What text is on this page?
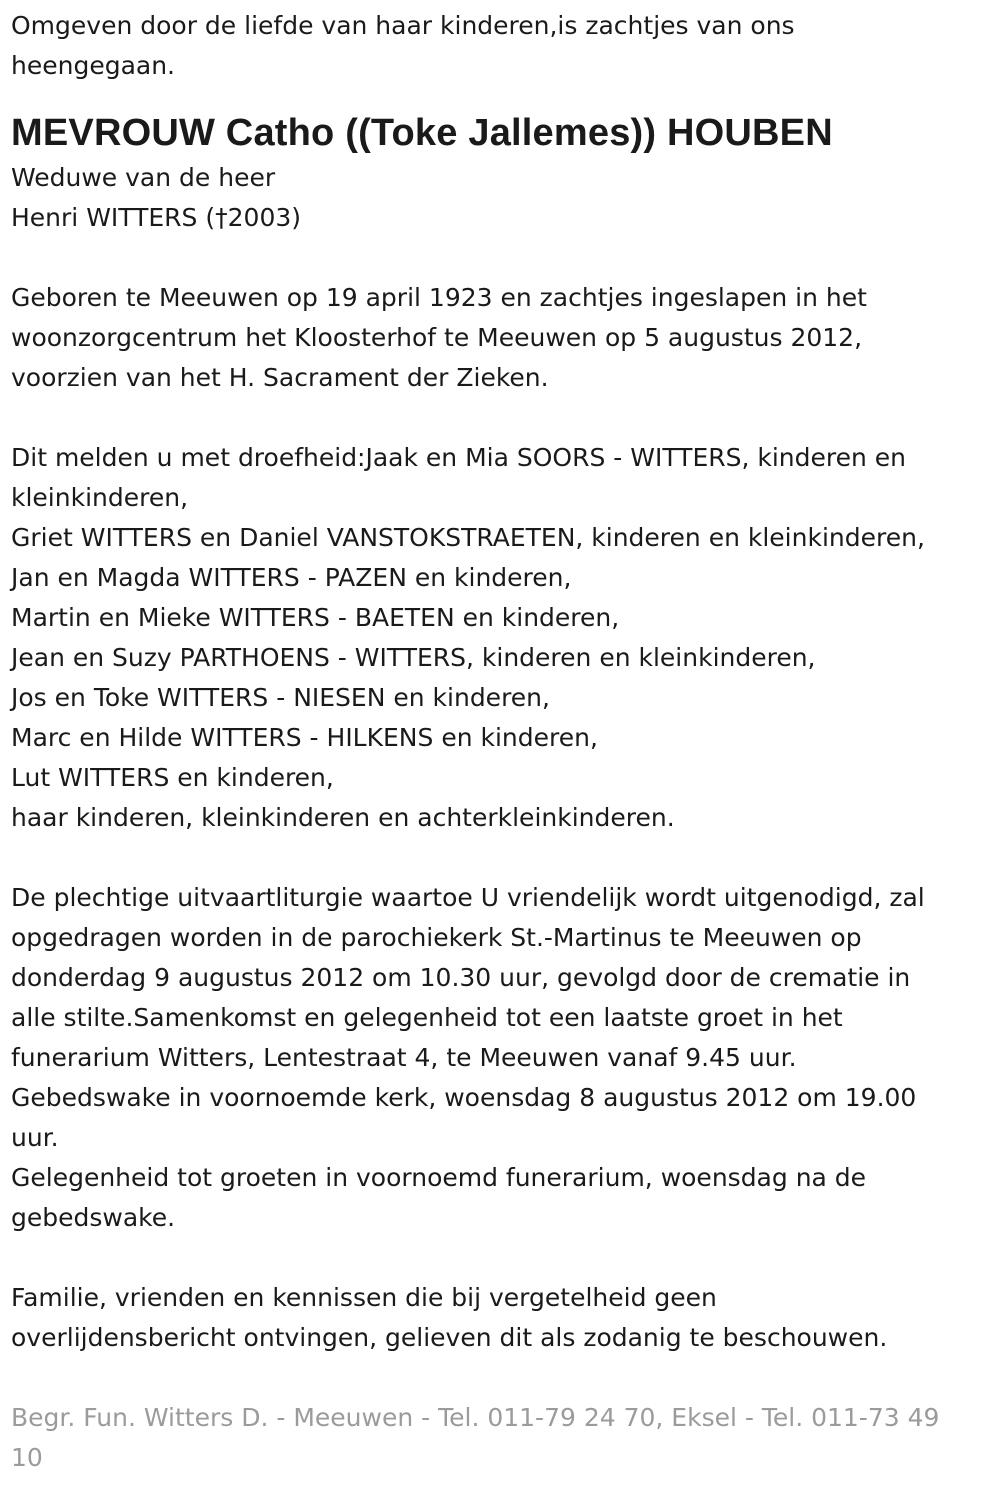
Omgeven door de liefde van haar kinderen,is zachtjes van ons
heengegaan.

MEVROUW Catho ((Toke Jallemes)) HOUBEN

Weduwe van de heer
Henri WITTERS (†2003)

Geboren te Meeuwen op 19 april 1923 en zachtjes ingeslapen in het
woonzorgcentrum het Kloosterhof te Meeuwen op 5 augustus 2012,
voorzien van het H. Sacrament der Zieken.

Dit melden u met droefheid:Jaak en Mia SOORS - WITTERS, kinderen en
kleinkinderen,
Griet WITTERS en Daniel VANSTOKSTRAETEN, kinderen en kleinkinderen,
Jan en Magda WITTERS - PAZEN en kinderen,
Martin en Mieke WITTERS - BAETEN en kinderen,
Jean en Suzy PARTHOENS - WITTERS, kinderen en kleinkinderen,
Jos en Toke WITTERS - NIESEN en kinderen,
Marc en Hilde WITTERS - HILKENS en kinderen,
Lut WITTERS en kinderen,
haar kinderen, kleinkinderen en achterkleinkinderen.

De plechtige uitvaartliturgie waartoe U vriendelijk wordt uitgenodigd, zal
opgedragen worden in de parochiekerk St.-Martinus te Meeuwen op
donderdag 9 augustus 2012 om 10.30 uur, gevolgd door de crematie in
alle stilte.Samenkomst en gelegenheid tot een laatste groet in het
funerarium Witters, Lentestraat 4, te Meeuwen vanaf 9.45 uur.
Gebedswake in voornoemde kerk, woensdag 8 augustus 2012 om 19.00
uur.
Gelegenheid tot groeten in voornoemd funerarium, woensdag na de
gebedswake.

Familie, vrienden en kennissen die bij vergetelheid geen
overlijdensbericht ontvingen, gelieven dit als zodanig te beschouwen.

Begr. Fun. Witters D. - Meeuwen - Tel. 011-79 24 70, Eksel - Tel. 011-73 49
10
